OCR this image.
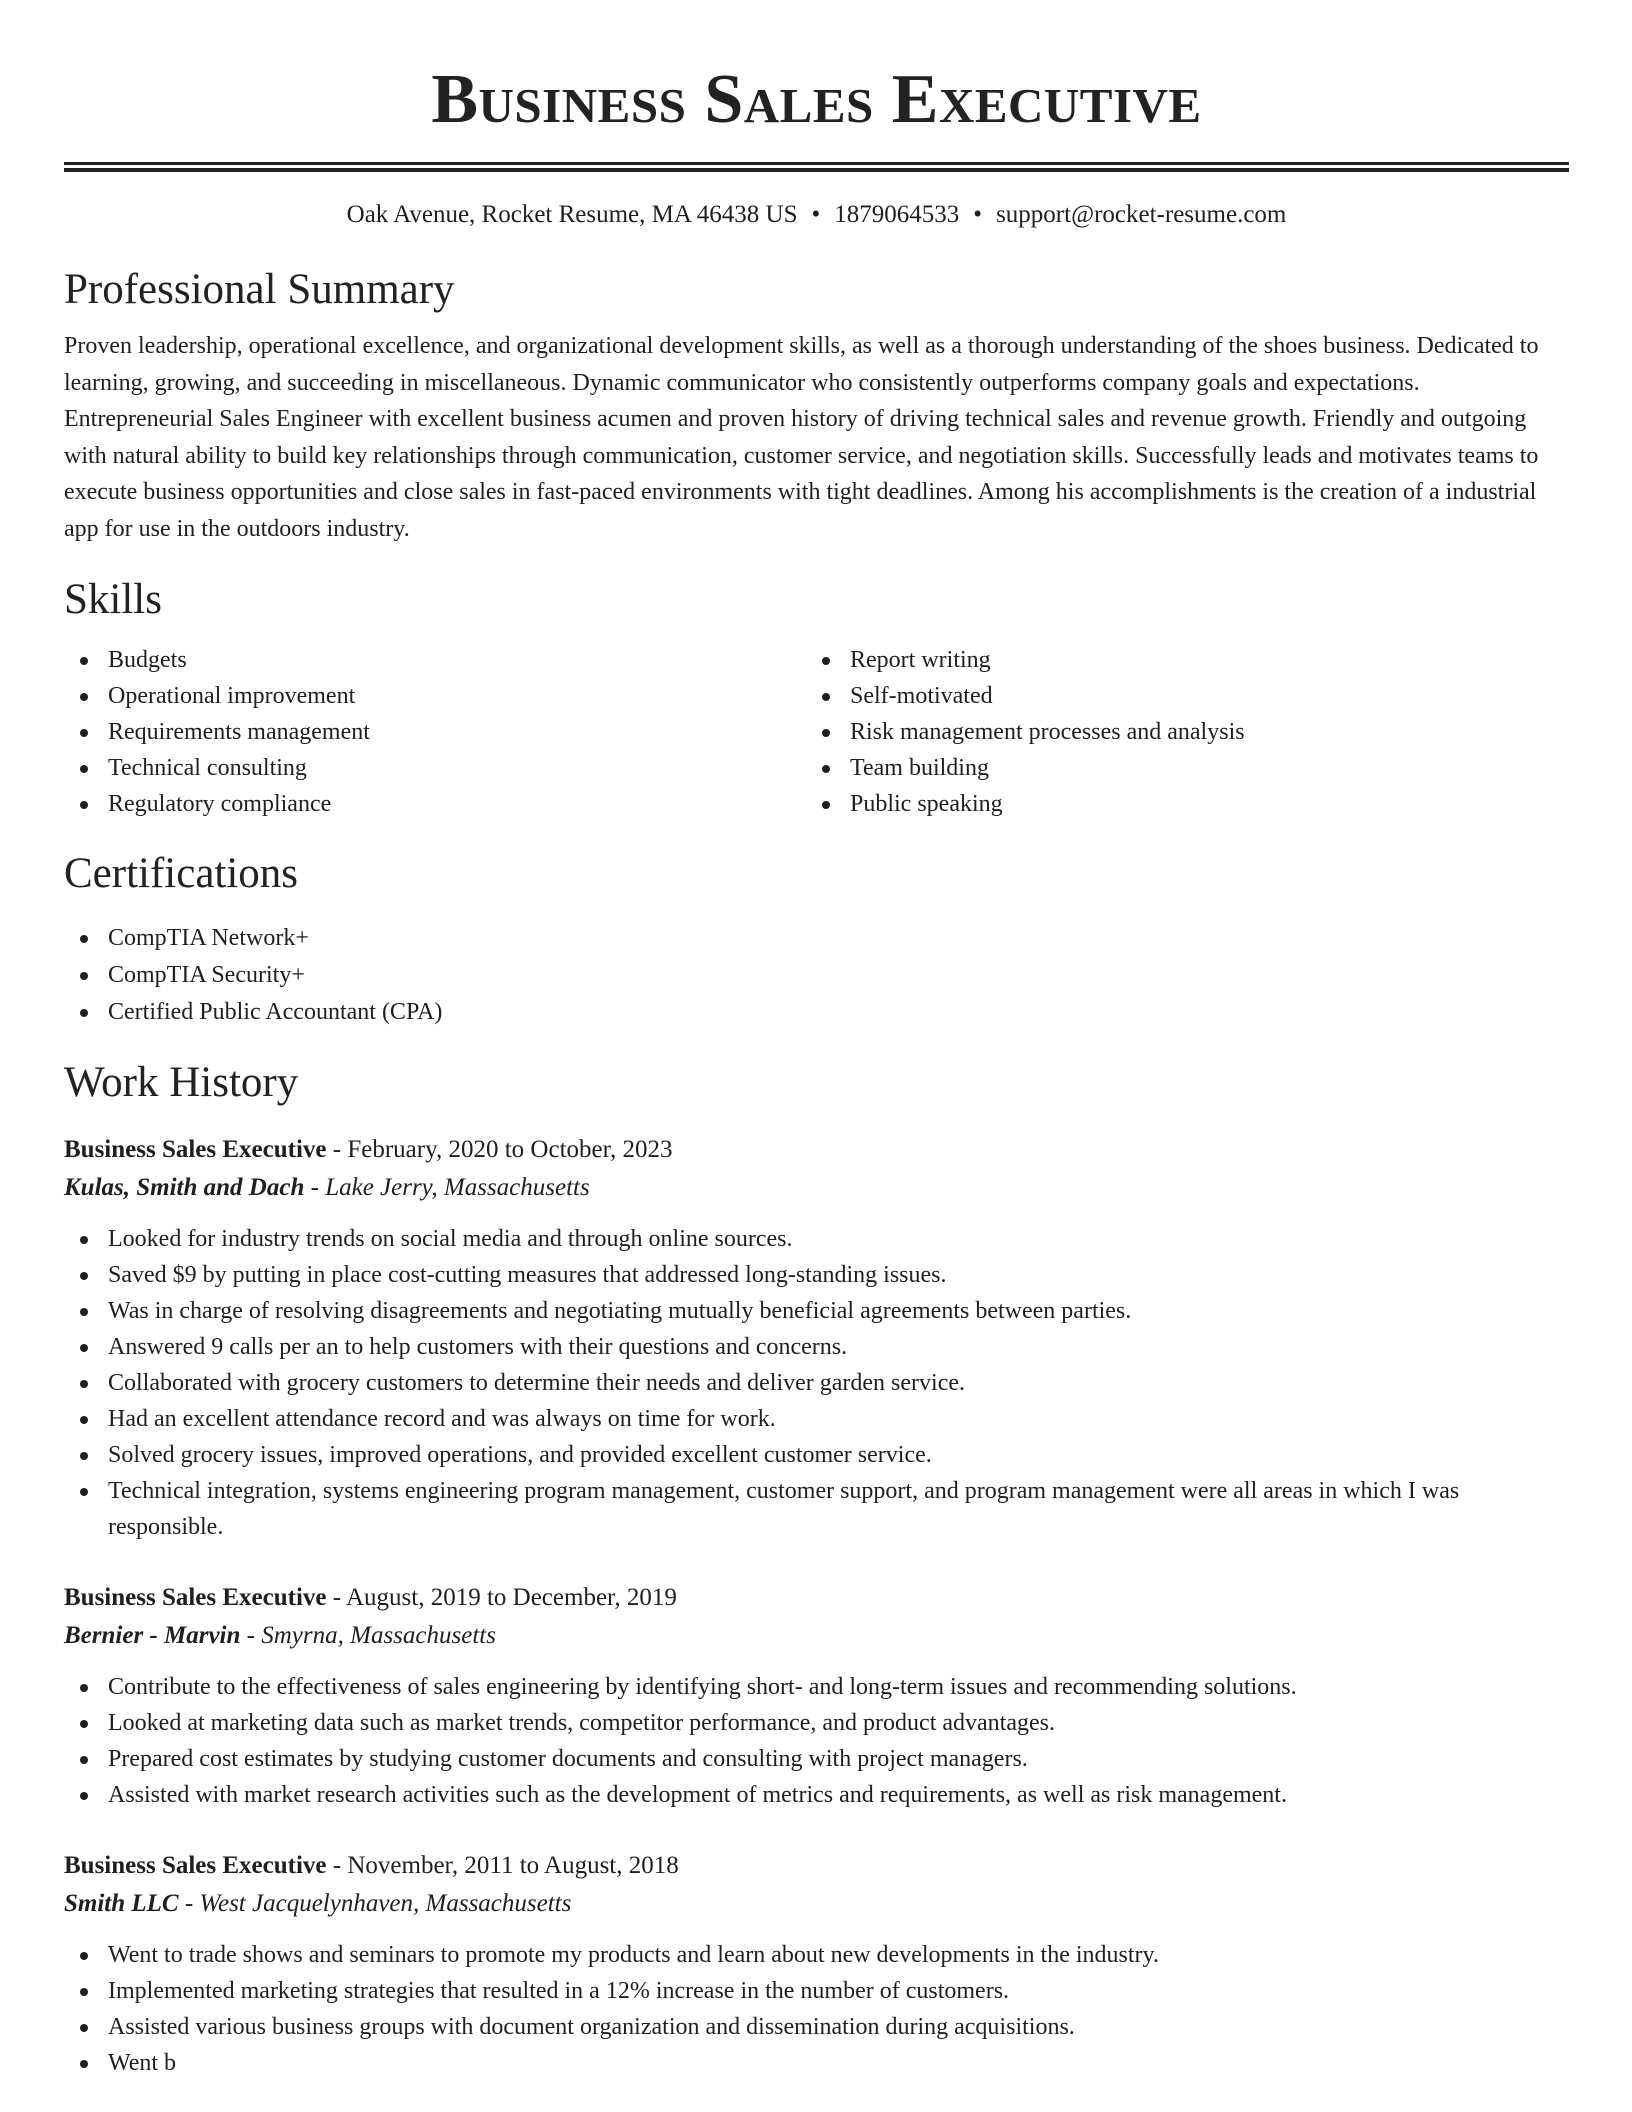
Business Sales Executive
Oak Avenue, Rocket Resume, MA 46438 US • 1879064533 • support@rocket-resume.com
Professional Summary

Proven leadership, operational excellence, and organizational development skills, as well as a thorough understanding of the shoes business. Dedicated to learning, growing, and succeeding in miscellaneous. Dynamic communicator who consistently outperforms company goals and expectations. Entrepreneurial Sales Engineer with excellent business acumen and proven history of driving technical sales and revenue growth. Friendly and outgoing with natural ability to build key relationships through communication, customer service, and negotiation skills. Successfully leads and motivates teams to execute business opportunities and close sales in fast-paced environments with tight deadlines. Among his accomplishments is the creation of a industrial app for use in the outdoors industry.

Skills
Budgets
Operational improvement
Requirements management
Technical consulting
Regulatory compliance
Report writing
Self-motivated
Risk management processes and analysis
Team building
Public speaking
Certifications
CompTIA Network+
CompTIA Security+
Certified Public Accountant (CPA)
Work History
Business Sales Executive - February, 2020 to October, 2023
Kulas, Smith and Dach - Lake Jerry, Massachusetts
Looked for industry trends on social media and through online sources.
Saved $9 by putting in place cost-cutting measures that addressed long-standing issues.
Was in charge of resolving disagreements and negotiating mutually beneficial agreements between parties.
Answered 9 calls per an to help customers with their questions and concerns.
Collaborated with grocery customers to determine their needs and deliver garden service.
Had an excellent attendance record and was always on time for work.
Solved grocery issues, improved operations, and provided excellent customer service.
Technical integration, systems engineering program management, customer support, and program management were all areas in which I was responsible.
Business Sales Executive - August, 2019 to December, 2019
Bernier - Marvin - Smyrna, Massachusetts
Contribute to the effectiveness of sales engineering by identifying short- and long-term issues and recommending solutions.
Looked at marketing data such as market trends, competitor performance, and product advantages.
Prepared cost estimates by studying customer documents and consulting with project managers.
Assisted with market research activities such as the development of metrics and requirements, as well as risk management.
Business Sales Executive - November, 2011 to August, 2018
Smith LLC - West Jacquelynhaven, Massachusetts
Went to trade shows and seminars to promote my products and learn about new developments in the industry.
Implemented marketing strategies that resulted in a 12% increase in the number of customers.
Assisted various business groups with document organization and dissemination during acquisitions.
Went b
